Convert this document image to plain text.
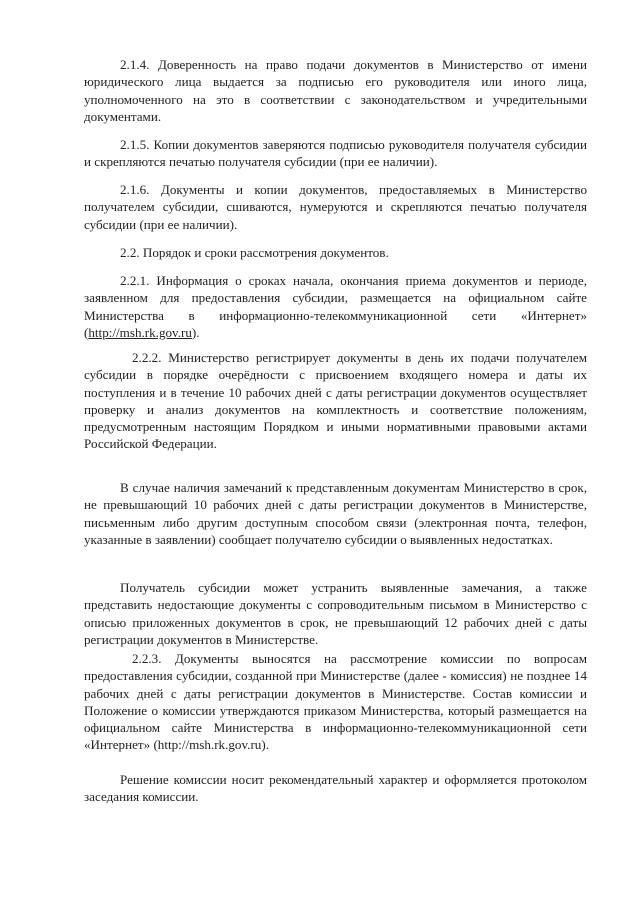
2.1.4. Доверенность на право подачи документов в Министерство от имени юридического лица выдается за подписью его руководителя или иного лица, уполномоченного на это в соответствии с законодательством и учредительными документами.

2.1.5. Копии документов заверяются подписью руководителя получателя субсидии и скрепляются печатью получателя субсидии (при ее наличии).

2.1.6. Документы и копии документов, предоставляемых в Министерство получателем субсидии, сшиваются, нумеруются и скрепляются печатью получателя субсидии (при ее наличии).

2.2. Порядок и сроки рассмотрения документов.

2.2.1. Информация о сроках начала, окончания приема документов и периоде, заявленном для предоставления субсидии, размещается на официальном сайте Министерства в информационно-телекоммуникационной сети «Интернет» (http://msh.rk.gov.ru).

2.2.2. Министерство регистрирует документы в день их подачи получателем субсидии в порядке очерёдности с присвоением входящего номера и даты их поступления и в течение 10 рабочих дней с даты регистрации документов осуществляет проверку и анализ документов на комплектность и соответствие положениям, предусмотренным настоящим Порядком и иными нормативными правовыми актами Российской Федерации.

В случае наличия замечаний к представленным документам Министерство в срок, не превышающий 10 рабочих дней с даты регистрации документов в Министерстве, письменным либо другим доступным способом связи (электронная почта, телефон, указанные в заявлении) сообщает получателю субсидии о выявленных недостатках.

Получатель субсидии может устранить выявленные замечания, а также представить недостающие документы с сопроводительным письмом в Министерство с описью приложенных документов в срок, не превышающий 12 рабочих дней с даты регистрации документов в Министерстве.

2.2.3. Документы выносятся на рассмотрение комиссии по вопросам предоставления субсидии, созданной при Министерстве (далее - комиссия) не позднее 14 рабочих дней с даты регистрации документов в Министерстве. Состав комиссии и Положение о комиссии утверждаются приказом Министерства, который размещается на официальном сайте Министерства в информационно-телекоммуникационной сети «Интернет» (http://msh.rk.gov.ru).

Решение комиссии носит рекомендательный характер и оформляется протоколом заседания комиссии.
